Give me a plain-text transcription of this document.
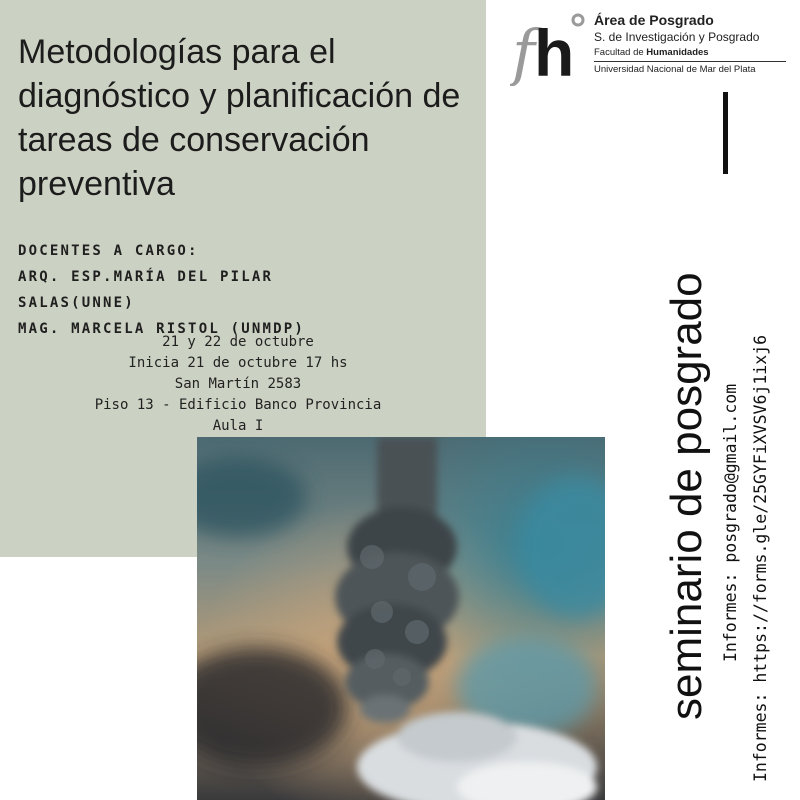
Metodologías para el diagnóstico y planificación de tareas de conservación preventiva
DOCENTES A CARGO:
ARQ. ESP.MARÍA DEL PILAR
SALAS(UNNE)
MAG. MARCELA RISTOL (UNMDP)
21 y 22 de octubre
Inicia 21 de octubre 17 hs
San Martín 2583
Piso 13 - Edificio Banco Provincia
Aula I
f h Área de Posgrado
S. de Investigación y Posgrado
Facultad de Humanidades
Universidad Nacional de Mar del Plata
seminario de posgrado Informes: posgrado@gmail.com Informes: https://forms.gle/25GYFiXVSV6j1ixj6
